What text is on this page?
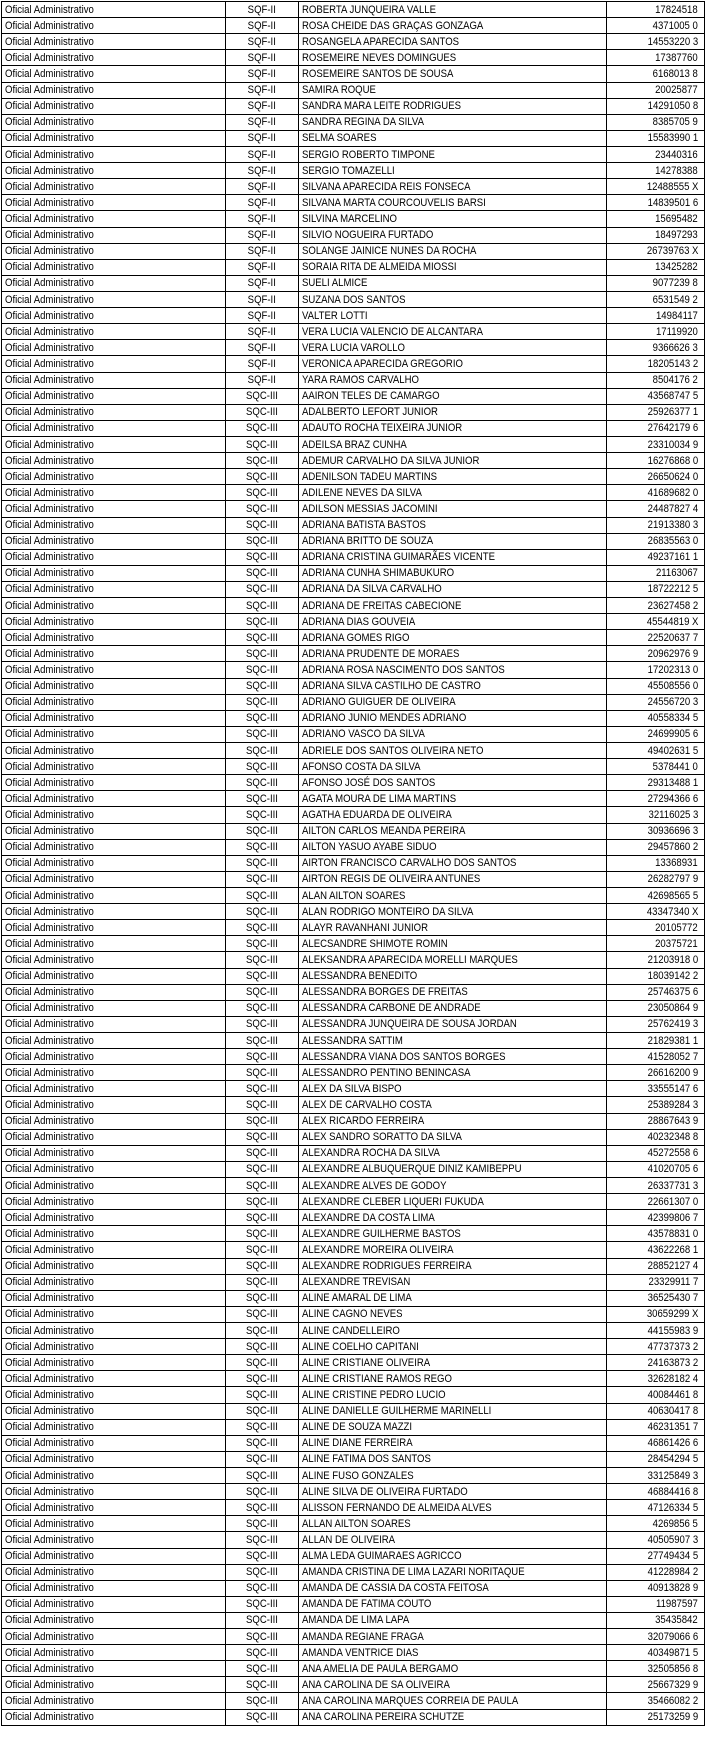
Oficial Administrativo	SQF-II	ROBERTA JUNQUEIRA VALLE	17824518
Oficial Administrativo	SQF-II	ROSA CHEIDE DAS GRAÇAS GONZAGA	4371005 0
Oficial Administrativo	SQF-II	ROSANGELA APARECIDA SANTOS	14553220 3
Oficial Administrativo	SQF-II	ROSEMEIRE NEVES DOMINGUES	17387760
Oficial Administrativo	SQF-II	ROSEMEIRE SANTOS DE SOUSA	6168013 8
Oficial Administrativo	SQF-II	SAMIRA ROQUE	20025877
Oficial Administrativo	SQF-II	SANDRA MARA LEITE RODRIGUES	14291050 8
Oficial Administrativo	SQF-II	SANDRA REGINA DA SILVA	8385705 9
Oficial Administrativo	SQF-II	SELMA SOARES	15583990 1
Oficial Administrativo	SQF-II	SERGIO ROBERTO TIMPONE	23440316
Oficial Administrativo	SQF-II	SERGIO TOMAZELLI	14278388
Oficial Administrativo	SQF-II	SILVANA APARECIDA REIS FONSECA	12488555 X
Oficial Administrativo	SQF-II	SILVANA MARTA COURCOUVELIS BARSI	14839501 6
Oficial Administrativo	SQF-II	SILVINA MARCELINO	15695482
Oficial Administrativo	SQF-II	SILVIO NOGUEIRA FURTADO	18497293
Oficial Administrativo	SQF-II	SOLANGE JAINICE NUNES DA ROCHA	26739763 X
Oficial Administrativo	SQF-II	SORAIA RITA DE ALMEIDA MIOSSI	13425282
Oficial Administrativo	SQF-II	SUELI ALMICE	9077239 8
Oficial Administrativo	SQF-II	SUZANA DOS SANTOS	6531549 2
Oficial Administrativo	SQF-II	VALTER LOTTI	14984117
Oficial Administrativo	SQF-II	VERA LUCIA VALENCIO DE ALCANTARA	17119920
Oficial Administrativo	SQF-II	VERA LUCIA VAROLLO	9366626 3
Oficial Administrativo	SQF-II	VERONICA APARECIDA GREGORIO	18205143 2
Oficial Administrativo	SQF-II	YARA RAMOS CARVALHO	8504176 2
Oficial Administrativo	SQC-III	AAIRON TELES DE CAMARGO	43568747 5
Oficial Administrativo	SQC-III	ADALBERTO LEFORT JUNIOR	25926377 1
Oficial Administrativo	SQC-III	ADAUTO ROCHA TEIXEIRA JUNIOR	27642179 6
Oficial Administrativo	SQC-III	ADEILSA BRAZ CUNHA	23310034 9
Oficial Administrativo	SQC-III	ADEMUR CARVALHO DA SILVA JUNIOR	16276868 0
Oficial Administrativo	SQC-III	ADENILSON TADEU MARTINS	26650624 0
Oficial Administrativo	SQC-III	ADILENE NEVES DA SILVA	41689682 0
Oficial Administrativo	SQC-III	ADILSON MESSIAS JACOMINI	24487827 4
Oficial Administrativo	SQC-III	ADRIANA BATISTA BASTOS	21913380 3
Oficial Administrativo	SQC-III	ADRIANA BRITTO DE SOUZA	26835563 0
Oficial Administrativo	SQC-III	ADRIANA CRISTINA GUIMARÃES VICENTE	49237161 1
Oficial Administrativo	SQC-III	ADRIANA CUNHA SHIMABUKURO	21163067
Oficial Administrativo	SQC-III	ADRIANA DA SILVA CARVALHO	18722212 5
Oficial Administrativo	SQC-III	ADRIANA DE FREITAS CABECIONE	23627458 2
Oficial Administrativo	SQC-III	ADRIANA DIAS GOUVEIA	45544819 X
Oficial Administrativo	SQC-III	ADRIANA GOMES RIGO	22520637 7
Oficial Administrativo	SQC-III	ADRIANA PRUDENTE DE MORAES	20962976 9
Oficial Administrativo	SQC-III	ADRIANA ROSA NASCIMENTO DOS SANTOS	17202313 0
Oficial Administrativo	SQC-III	ADRIANA SILVA CASTILHO DE CASTRO	45508556 0
Oficial Administrativo	SQC-III	ADRIANO GUIGUER DE OLIVEIRA	24556720 3
Oficial Administrativo	SQC-III	ADRIANO JUNIO MENDES ADRIANO	40558334 5
Oficial Administrativo	SQC-III	ADRIANO VASCO DA SILVA	24699905 6
Oficial Administrativo	SQC-III	ADRIELE DOS SANTOS OLIVEIRA NETO	49402631 5
Oficial Administrativo	SQC-III	AFONSO COSTA DA SILVA	5378441 0
Oficial Administrativo	SQC-III	AFONSO JOSÉ DOS SANTOS	29313488 1
Oficial Administrativo	SQC-III	AGATA MOURA DE LIMA MARTINS	27294366 6
Oficial Administrativo	SQC-III	AGATHA EDUARDA DE OLIVEIRA	32116025 3
Oficial Administrativo	SQC-III	AILTON CARLOS MEANDA PEREIRA	30936696 3
Oficial Administrativo	SQC-III	AILTON YASUO AYABE SIDUO	29457860 2
Oficial Administrativo	SQC-III	AIRTON FRANCISCO CARVALHO DOS SANTOS	13368931
Oficial Administrativo	SQC-III	AIRTON REGIS DE OLIVEIRA ANTUNES	26282797 9
Oficial Administrativo	SQC-III	ALAN AILTON SOARES	42698565 5
Oficial Administrativo	SQC-III	ALAN RODRIGO MONTEIRO DA SILVA	43347340 X
Oficial Administrativo	SQC-III	ALAYR RAVANHANI JUNIOR	20105772
Oficial Administrativo	SQC-III	ALECSANDRE SHIMOTE ROMIN	20375721
Oficial Administrativo	SQC-III	ALEKSANDRA APARECIDA MORELLI MARQUES	21203918 0
Oficial Administrativo	SQC-III	ALESSANDRA BENEDITO	18039142 2
Oficial Administrativo	SQC-III	ALESSANDRA BORGES DE FREITAS	25746375 6
Oficial Administrativo	SQC-III	ALESSANDRA CARBONE DE ANDRADE	23050864 9
Oficial Administrativo	SQC-III	ALESSANDRA JUNQUEIRA DE SOUSA JORDAN	25762419 3
Oficial Administrativo	SQC-III	ALESSANDRA SATTIM	21829381 1
Oficial Administrativo	SQC-III	ALESSANDRA VIANA DOS SANTOS BORGES	41528052 7
Oficial Administrativo	SQC-III	ALESSANDRO PENTINO BENINCASA	26616200 9
Oficial Administrativo	SQC-III	ALEX DA SILVA BISPO	33555147 6
Oficial Administrativo	SQC-III	ALEX DE CARVALHO COSTA	25389284 3
Oficial Administrativo	SQC-III	ALEX RICARDO FERREIRA	28867643 9
Oficial Administrativo	SQC-III	ALEX SANDRO SORATTO DA SILVA	40232348 8
Oficial Administrativo	SQC-III	ALEXANDRA ROCHA DA SILVA	45272558 6
Oficial Administrativo	SQC-III	ALEXANDRE ALBUQUERQUE DINIZ KAMIBEPPU	41020705 6
Oficial Administrativo	SQC-III	ALEXANDRE ALVES DE GODOY	26337731 3
Oficial Administrativo	SQC-III	ALEXANDRE CLEBER LIQUERI FUKUDA	22661307 0
Oficial Administrativo	SQC-III	ALEXANDRE DA COSTA LIMA	42399806 7
Oficial Administrativo	SQC-III	ALEXANDRE GUILHERME BASTOS	43578831 0
Oficial Administrativo	SQC-III	ALEXANDRE MOREIRA OLIVEIRA	43622268 1
Oficial Administrativo	SQC-III	ALEXANDRE RODRIGUES FERREIRA	28852127 4
Oficial Administrativo	SQC-III	ALEXANDRE TREVISAN	23329911 7
Oficial Administrativo	SQC-III	ALINE AMARAL DE LIMA	36525430 7
Oficial Administrativo	SQC-III	ALINE CAGNO NEVES	30659299 X
Oficial Administrativo	SQC-III	ALINE CANDELLEIRO	44155983 9
Oficial Administrativo	SQC-III	ALINE COELHO CAPITANI	47737373 2
Oficial Administrativo	SQC-III	ALINE CRISTIANE OLIVEIRA	24163873 2
Oficial Administrativo	SQC-III	ALINE CRISTIANE RAMOS REGO	32628182 4
Oficial Administrativo	SQC-III	ALINE CRISTINE PEDRO LUCIO	40084461 8
Oficial Administrativo	SQC-III	ALINE DANIELLE GUILHERME MARINELLI	40630417 8
Oficial Administrativo	SQC-III	ALINE DE SOUZA MAZZI	46231351 7
Oficial Administrativo	SQC-III	ALINE DIANE FERREIRA	46861426 6
Oficial Administrativo	SQC-III	ALINE FATIMA DOS SANTOS	28454294 5
Oficial Administrativo	SQC-III	ALINE FUSO GONZALES	33125849 3
Oficial Administrativo	SQC-III	ALINE SILVA DE OLIVEIRA FURTADO	46884416 8
Oficial Administrativo	SQC-III	ALISSON FERNANDO DE ALMEIDA ALVES	47126334 5
Oficial Administrativo	SQC-III	ALLAN AILTON SOARES	4269856 5
Oficial Administrativo	SQC-III	ALLAN DE OLIVEIRA	40505907 3
Oficial Administrativo	SQC-III	ALMA LEDA GUIMARAES AGRICCO	27749434 5
Oficial Administrativo	SQC-III	AMANDA CRISTINA DE LIMA LAZARI NORITAQUE	41228984 2
Oficial Administrativo	SQC-III	AMANDA DE CASSIA DA COSTA FEITOSA	40913828 9
Oficial Administrativo	SQC-III	AMANDA DE FATIMA COUTO	11987597
Oficial Administrativo	SQC-III	AMANDA DE LIMA LAPA	35435842
Oficial Administrativo	SQC-III	AMANDA REGIANE FRAGA	32079066 6
Oficial Administrativo	SQC-III	AMANDA VENTRICE DIAS	40349871 5
Oficial Administrativo	SQC-III	ANA AMELIA DE PAULA BERGAMO	32505856 8
Oficial Administrativo	SQC-III	ANA CAROLINA DE SA OLIVEIRA	25667329 9
Oficial Administrativo	SQC-III	ANA CAROLINA MARQUES CORREIA DE PAULA	35466082 2
Oficial Administrativo	SQC-III	ANA CAROLINA PEREIRA SCHUTZE	25173259 9
